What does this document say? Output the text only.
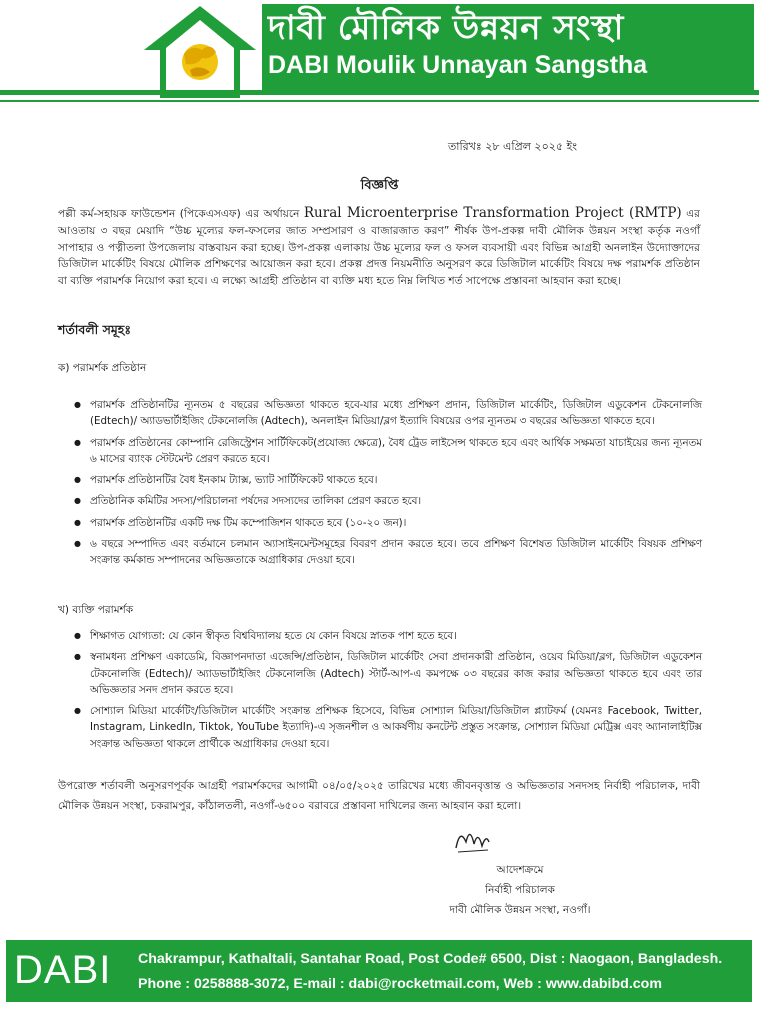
দাবী মৌলিক উন্নয়ন সংস্থা
DABI Moulik Unnayan Sangstha
তারিখঃ ২৮ এপ্রিল ২০২৫ ইং
বিজ্ঞপ্তি
পল্লী কর্ম-সহায়ক ফাউন্ডেশন (পিকেএসএফ) এর অর্থায়নে Rural Microenterprise Transformation Project (RMTP) এর আওতায় ৩ বছর মেয়াদি “উচ্চ মূল্যের ফল-ফসলের জাত সম্প্রসারণ ও বাজারজাত করণ” শীর্ষক উপ-প্রকল্প দাবী মৌলিক উন্নয়ন সংস্থা কর্তৃক নওগাঁ সাপাহার ও পত্নীতলা উপজেলায় বাস্তবায়ন করা হচ্ছে। উপ-প্রকল্প এলাকায় উচ্চ মূল্যের ফল ও ফসল ব্যবসায়ী এবং বিভিন্ন আগ্রহী অনলাইন উদ্যোক্তাদের ডিজিটাল মার্কেটিং বিষয়ে মৌলিক প্রশিক্ষণের আয়োজন করা হবে। প্রকল্প প্রদত্ত নিয়মনীতি অনুসরণ করে ডিজিটাল মার্কেটিং বিষয়ে দক্ষ পরামর্শক প্রতিষ্ঠান বা ব্যক্তি পরামর্শক নিয়োগ করা হবে। এ লক্ষ্যে আগ্রহী প্রতিষ্ঠান বা ব্যক্তি মধ্য হতে নিম্ন লিখিত শর্ত সাপেক্ষে প্রস্তাবনা আহবান করা হচ্ছে।
শর্তাবলী সমূহঃ
ক) পরামর্শক প্রতিষ্ঠান
● পরামর্শক প্রতিষ্ঠানটির ন্যূনতম ৫ বছরের অভিজ্ঞতা থাকতে হবে-যার মধ্যে প্রশিক্ষণ প্রদান, ডিজিটাল মার্কেটিং, ডিজিটাল এডুকেশন টেকনোলজি (Edtech)/ অ্যাডভার্টাইজিং টেকনোলজি (Adtech), অনলাইন মিডিয়া/ব্লগ ইত্যাদি বিষয়ের ওপর ন্যূনতম ৩ বছরের অভিজ্ঞতা থাকতে হবে।
● পরামর্শক প্রতিষ্ঠানের কোম্পানি রেজিস্ট্রেশন সার্টিফিকেট(প্রযোজ্য ক্ষেত্রে), বৈধ ট্রেড লাইসেন্স থাকতে হবে এবং আর্থিক সক্ষমতা যাচাইয়ের জন্য ন্যূনতম ৬ মাসের ব্যাংক স্টেটমেন্ট প্রেরণ করতে হবে।
● পরামর্শক প্রতিষ্ঠানটির বৈধ ইনকাম ট্যাক্স, ভ্যাট সার্টিফিকেট থাকতে হবে।
● প্রতিষ্ঠানিক কমিটির সদস্য/পরিচালনা পর্ষদের সদস্যদের তালিকা প্রেরণ করতে হবে।
● পরামর্শক প্রতিষ্ঠানটির একটি দক্ষ টিম কম্পোজিশন থাকতে হবে (১০-২০ জন)।
● ৬ বছরে সম্পাদিত এবং বর্তমানে চলমান অ্যাসাইনমেন্টসমূহের বিবরণ প্রদান করতে হবে। তবে প্রশিক্ষণ বিশেষত ডিজিটাল মার্কেটিং বিষয়ক প্রশিক্ষণ সংক্রান্ত কর্মকান্ড সম্পাদনের অভিজ্ঞতাকে অগ্রাধিকার দেওয়া হবে।
খ) ব্যক্তি পরামর্শক
● শিক্ষাগত যোগ্যতা: যে কোন স্বীকৃত বিশ্ববিদ্যালয় হতে যে কোন বিষয়ে স্নাতক পাশ হতে হবে।
● স্বনামধন্য প্রশিক্ষণ একাডেমি, বিজ্ঞাপনদাতা এজেন্সি/প্রতিষ্ঠান, ডিজিটাল মার্কেটিং সেবা প্রদানকারী প্রতিষ্ঠান, ওয়েব মিডিয়া/ব্লগ, ডিজিটাল এডুকেশন টেকনোলজি (Edtech)/ অ্যাডভার্টাইজিং টেকনোলজি (Adtech) স্টার্ট-আপ-এ কমপক্ষে ০৩ বছরের কাজ করার অভিজ্ঞতা থাকতে হবে এবং তার অভিজ্ঞতার সনদ প্রদান করতে হবে।
● সোশ্যাল মিডিয়া মার্কেটিং/ডিজিটাল মার্কেটিং সংক্রান্ত প্রশিক্ষক হিসেবে, বিভিন্ন সোশ্যাল মিডিয়া/ডিজিটাল প্ল্যাটফর্ম (যেমনঃ Facebook, Twitter, Instagram, LinkedIn, Tiktok, YouTube ইত্যাদি)-এ সৃজনশীল ও আকর্ষণীয় কনটেন্ট প্রস্তুত সংক্রান্ত, সোশ্যাল মিডিয়া মেট্রিক্স এবং অ্যানালাইটিক্স সংক্রান্ত অভিজ্ঞতা থাকলে প্রার্থীকে অগ্রাধিকার দেওয়া হবে।
উপরোক্ত শর্তাবলী অনুসরণপূর্বক আগ্রহী পরামর্শকদের আগামী ০৪/০৫/২০২৫ তারিখের মধ্যে জীবনবৃত্তান্ত ও অভিজ্ঞতার সনদসহ নির্বাহী পরিচালক, দাবী মৌলিক উন্নয়ন সংস্থা, চকরামপুর, কাঁঠালতলী, নওগাঁ-৬৫০০ বরাবরে প্রস্তাবনা দাখিলের জন্য আহবান করা হলো।
আদেশক্রমে
নির্বাহী পরিচালক
দাবী মৌলিক উন্নয়ন সংস্থা, নওগাঁ।
DABI	Chakrampur, Kathaltali, Santahar Road, Post Code# 6500, Dist : Naogaon, Bangladesh.
Phone : 0258888-3072, E-mail : dabi@rocketmail.com, Web : www.dabibd.com
